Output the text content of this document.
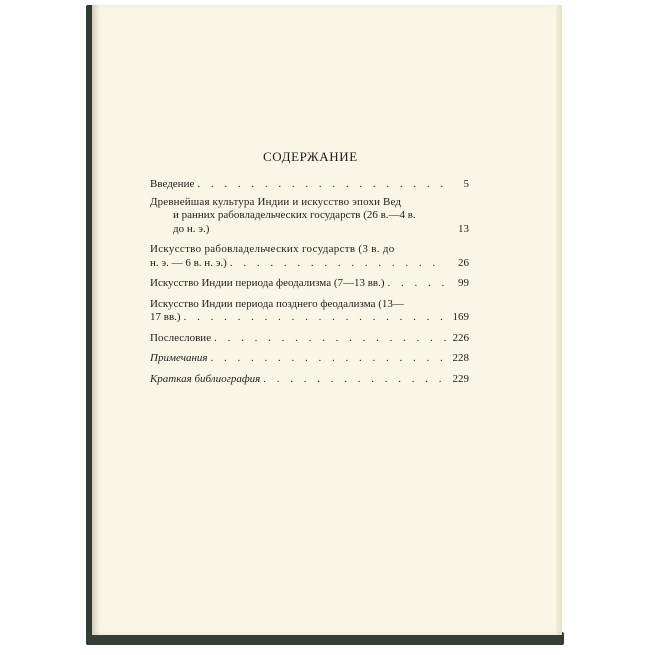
СОДЕРЖАНИЕ
Введение . . .	5
Древнейшая культура Индии и искусство эпохи Вед
и ранних рабовладельческих государств (26 в.—4 в.
до н. э.)	13
Искусство рабовладельческих государств (3 в. до
н. э. — 6 в. н. э.) . . .	26
Искусство Индии периода феодализма (7—13 вв.) . . .	99
Искусство Индии периода позднего феодализма (13—
17 вв.) . . .	169
Послесловие . . .	226
Примечания . . .	228
Краткая библиография . . .	229
